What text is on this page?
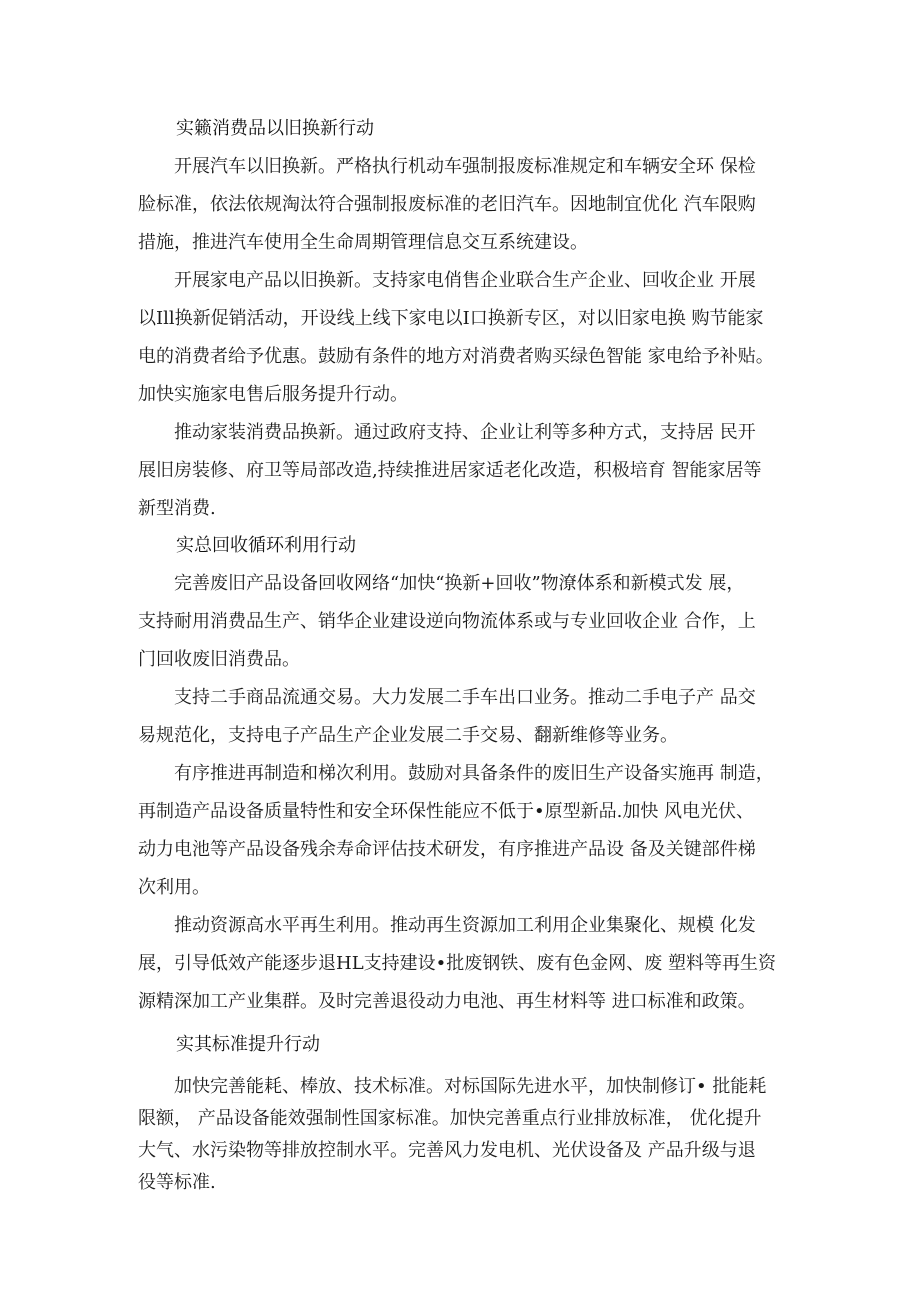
实籁消费品以旧换新行动
开展汽车以旧换新。严格执行机动车强制报废标准规定和车辆安全环 保检
脸标准，依法依规淘汰符合强制报废标准的老旧汽车。因地制宜优化 汽车限购
措施，推进汽车使用全生命周期管理信息交互系统建设。
开展家电产品以旧换新。支持家电俏售企业联合生产企业、回收企业 开展
以Ill换新促销活动，开设线上线下家电以I口换新专区，对以旧家电换 购节能家
电的消费者给予优惠。鼓励有条件的地方对消费者购买绿色智能 家电给予补贴。
加快实施家电售后服务提升行动。
推动家装消费品换新。通过政府支持、企业让利等多种方式，支持居 民开
展旧房装修、府卫等局部改造,持续推进居家适老化改造，积极培育 智能家居等
新型消费.
实总回收循环利用行动
完善废旧产品设备回收网络“加快“换新+回收”物潦体系和新模式发 展，
支持耐用消费品生产、销华企业建设逆向物流体系或与专业回收企业 合作，上
门回收废旧消费品。
支持二手商品流通交易。大力发展二手车出口业务。推动二手电子产 品交
易规范化，支持电子产品生产企业发展二手交易、翻新维修等业务。
有序推进再制造和梯次利用。鼓励对具备条件的废旧生产设备实施再 制造，
再制造产品设备质量特性和安全环保性能应不低于•原型新品.加快 风电光伏、
动力电池等产品设备残余寿命评估技术研发，有序推进产品设 备及关键部件梯
次利用。
推动资源高水平再生利用。推动再生资源加工利用企业集聚化、规模 化发
展，引导低效产能逐步退HL支持建设•批废钢铁、废有色金网、废 塑料等再生资
源精深加工产业集群。及时完善退役动力电池、再生材料等 进口标准和政策。
实其标准提升行动
加快完善能耗、棒放、技术标准。对标国际先进水平，加快制修订• 批能耗
限额， 产品设备能效强制性国家标准。加快完善重点行业排放标准， 优化提升
大气、水污染物等排放控制水平。完善风力发电机、光伏设备及 产品升级与退
役等标准.
